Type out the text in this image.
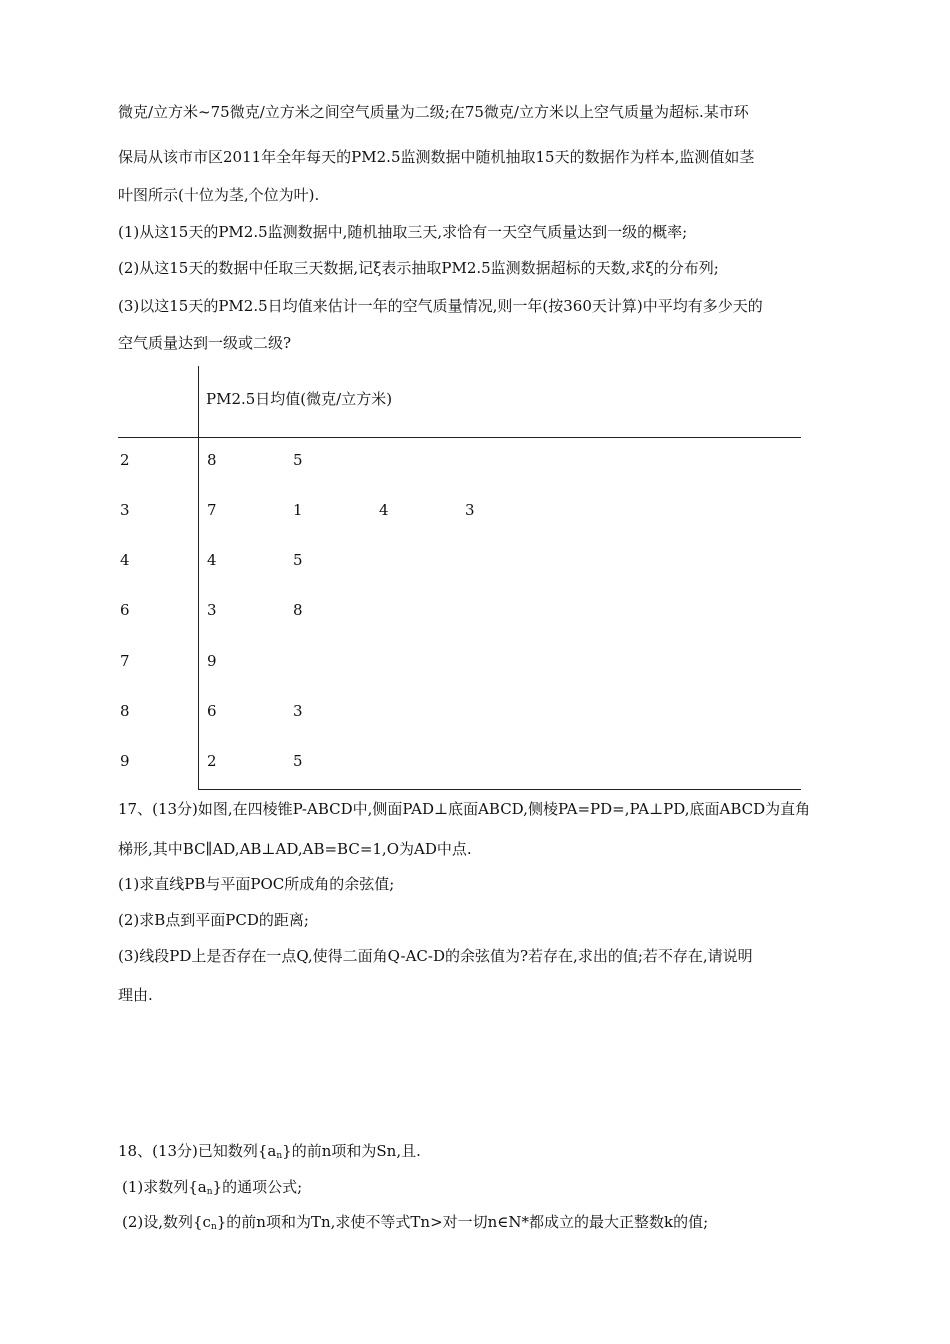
微克/立方米~75微克/立方米之间空气质量为二级;在75微克/立方米以上空气质量为超标.某市环
保局从该市市区2011年全年每天的PM2.5监测数据中随机抽取15天的数据作为样本,监测值如茎
叶图所示(十位为茎,个位为叶).
(1)从这15天的PM2.5监测数据中,随机抽取三天,求恰有一天空气质量达到一级的概率;
(2)从这15天的数据中任取三天数据,记ξ表示抽取PM2.5监测数据超标的天数,求ξ的分布列;
(3)以这15天的PM2.5日均值来估计一年的空气质量情况,则一年(按360天计算)中平均有多少天的
空气质量达到一级或二级?
PM2.5日均值(微克/立方米)
2	8	5
3	7	1	4	3
4	4	5
6	3	8
7	9
8	6	3
9	2	5
17、(13分)如图,在四棱锥P-ABCD中,侧面PAD⊥底面ABCD,侧棱PA=PD=,PA⊥PD,底面ABCD为直角
梯形,其中BC∥AD,AB⊥AD,AB=BC=1,O为AD中点.
(1)求直线PB与平面POC所成角的余弦值;
(2)求B点到平面PCD的距离;
(3)线段PD上是否存在一点Q,使得二面角Q-AC-D的余弦值为?若存在,求出的值;若不存在,请说明
理由.
18、(13分)已知数列$\{a_n\}$的前n项和为Sn,且.
(1)求数列$\{a_n\}$的通项公式;
(2)设,数列$\{c_n\}$的前n项和为Tn,求使不等式Tn>对一切n∈N*都成立的最大正整数k的值;
